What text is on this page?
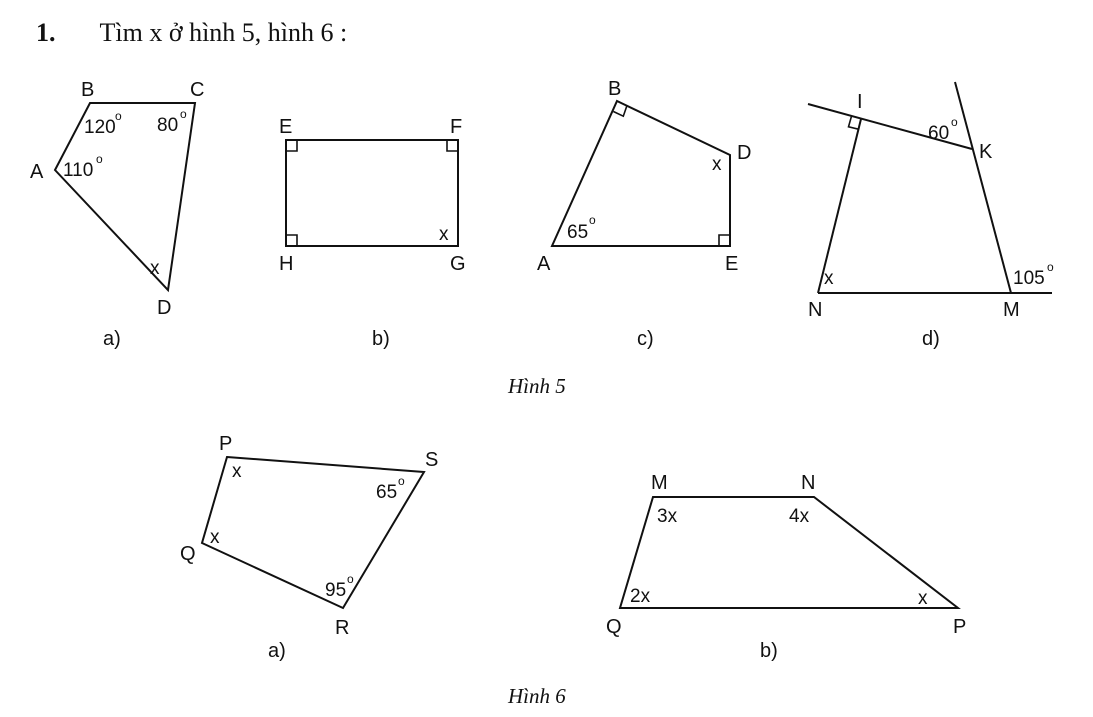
1. Tìm x ở hình 5, hình 6 :
B	C
A
D
120
o 80
o
110
o
x
a)
E	F
H	G
x
b)
B
D
A	E
x
65
o
c)
I
K
N	M
60
o
x	105
o
d)
Hình 5
P
S
Q
R
x
65
o
x
95
o
a)
M	N
Q	P
3x	4x
2x	x
b)
Hình 6
